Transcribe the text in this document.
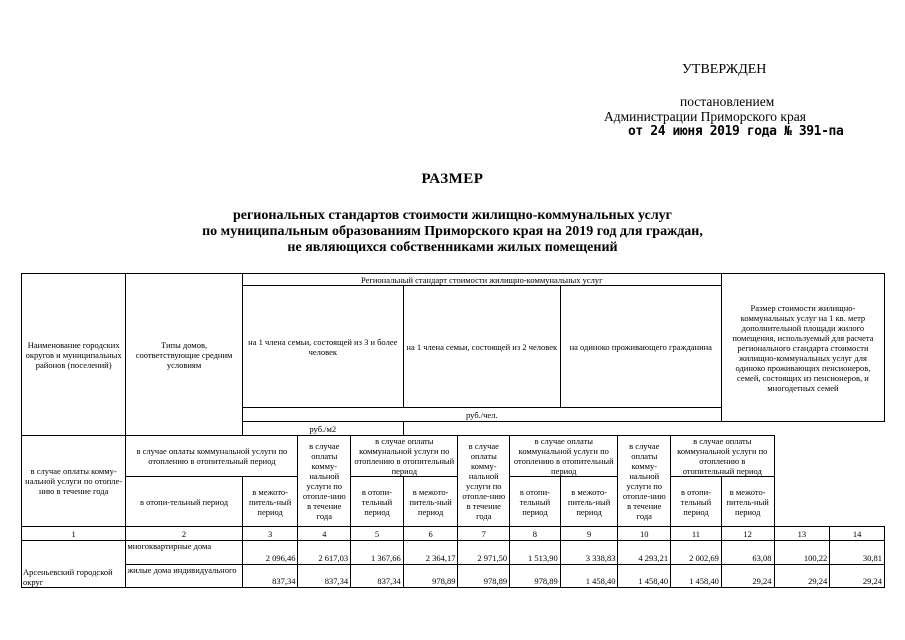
УТВЕРЖДЕН
постановлением
Администрации Приморского края
от 24 июня 2019 года № 391-па
РАЗМЕР
региональных стандартов стоимости жилищно-коммунальных услуг
по муниципальным образованиям Приморского края на 2019 год для граждан,
не являющихся собственниками жилых помещений
Наименование городских округов и муниципальных районов (поселений)	Типы домов, соответствующие средним условиям	Региональный стандарт стоимости жилищно-коммунальных услуг									Размер стоимости жилищно-коммунальных услуг на 1 кв. метр дополнительной площади жилого помещения, используемый для расчета регионального стандарта стоимости жилищно-коммунальных услуг для одиноко проживающих пенсионеров, семей, состоящих из пенсионеров, и многодетных семей		
		на 1 члена семьи, состоящей из 3 и более человек			на 1 члена семьи, состоящей из 2 человек			на одиноко проживающего гражданина					
		руб./чел.											
		руб./м2											
в случае оплаты комму-нальной услуги по отопле-нию в течение года	в случае оплаты коммунальной услуги по отоплению в отопительный период		в случае оплаты комму-нальной услуги по отопле-нию в течение года	в случае оплаты коммунальной услуги по отоплению в отопительный период		в случае оплаты комму-нальной услуги по отопле-нию в течение года	в случае оплаты коммунальной услуги по отоплению в отопительный период		в случае оплаты комму-нальной услуги по отопле-нию в течение года	в случае оплаты коммунальной услуги по отоплению в отопительный период			
	в отопи-тельный период	в межото-питель-ный период		в отопи-тельный период	в межото-питель-ный период		в отопи-тельный период	в межото-питель-ный период		в отопи-тельный период	в межото-питель-ный период		
1	2	3	4	5	6	7	8	9	10	11	12	13	14
Арсеньевский городской округ	многоквартирные дома	2 096,46	2 617,03	1 367,66	2 364,17	2 971,50	1 513,90	3 338,83	4 293,21	2 002,69	63,08	100,22	30,81
	жилые дома индивидуального	837,34	837,34	837,34	978,89	978,89	978,89	1 458,40	1 458,40	1 458,40	29,24	29,24	29,24
